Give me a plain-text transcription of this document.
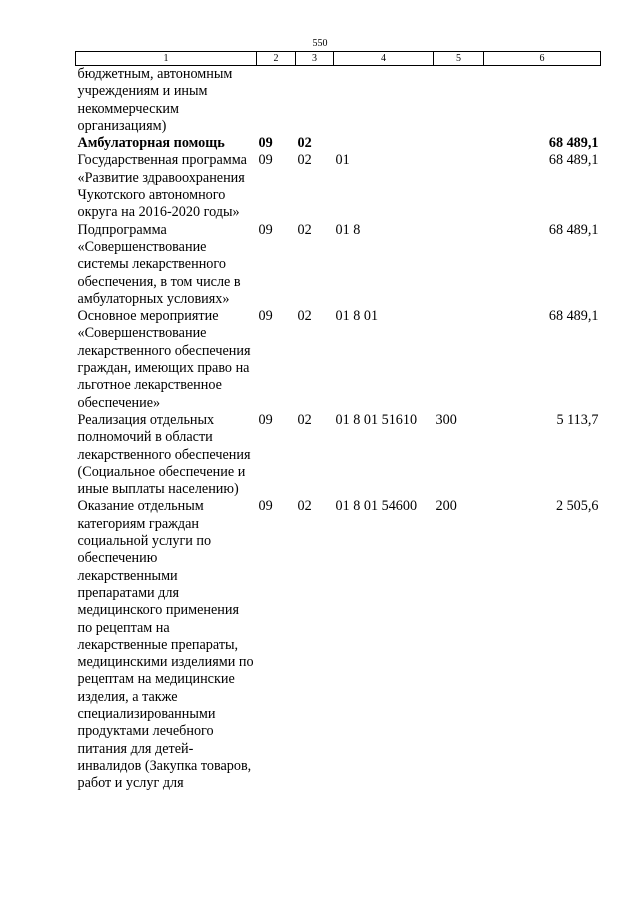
550
1	2	3	4	5	6
бюджетным, автономным учреждениям и иным некоммерческим организациям)					
Амбулаторная помощь	09	02			68 489,1
Государственная программа «Развитие здравоохранения Чукотского автономного округа на 2016-2020 годы»	09	02	01		68 489,1
Подпрограмма «Совершенствование системы лекарственного обеспечения, в том числе в амбулаторных условиях»	09	02	01 8		68 489,1
Основное мероприятие «Совершенствование лекарственного обеспечения граждан, имеющих право на льготное лекарственное обеспечение»	09	02	01 8 01		68 489,1
Реализация отдельных полномочий в области лекарственного обеспечения (Социальное обеспечение и иные выплаты населению)	09	02	01 8 01 51610	300	5 113,7
Оказание отдельным категориям граждан социальной услуги по обеспечению лекарственными препаратами для медицинского применения по рецептам на лекарственные препараты, медицинскими изделиями по рецептам на медицинские изделия, а также специализированными продуктами лечебного питания для детей-инвалидов (Закупка товаров, работ и услуг для	09	02	01 8 01 54600	200	2 505,6
